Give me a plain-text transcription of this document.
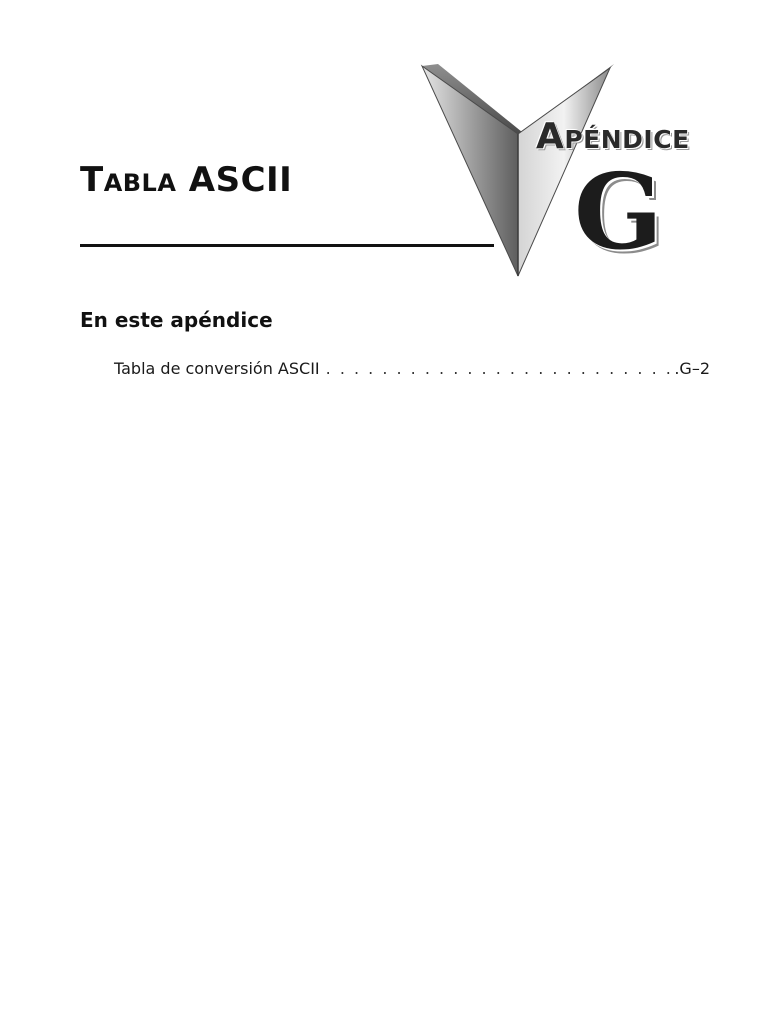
Tabla ASCII
Apéndice
G
En este apéndice
Tabla de conversión ASCII
. . .	.G–2
